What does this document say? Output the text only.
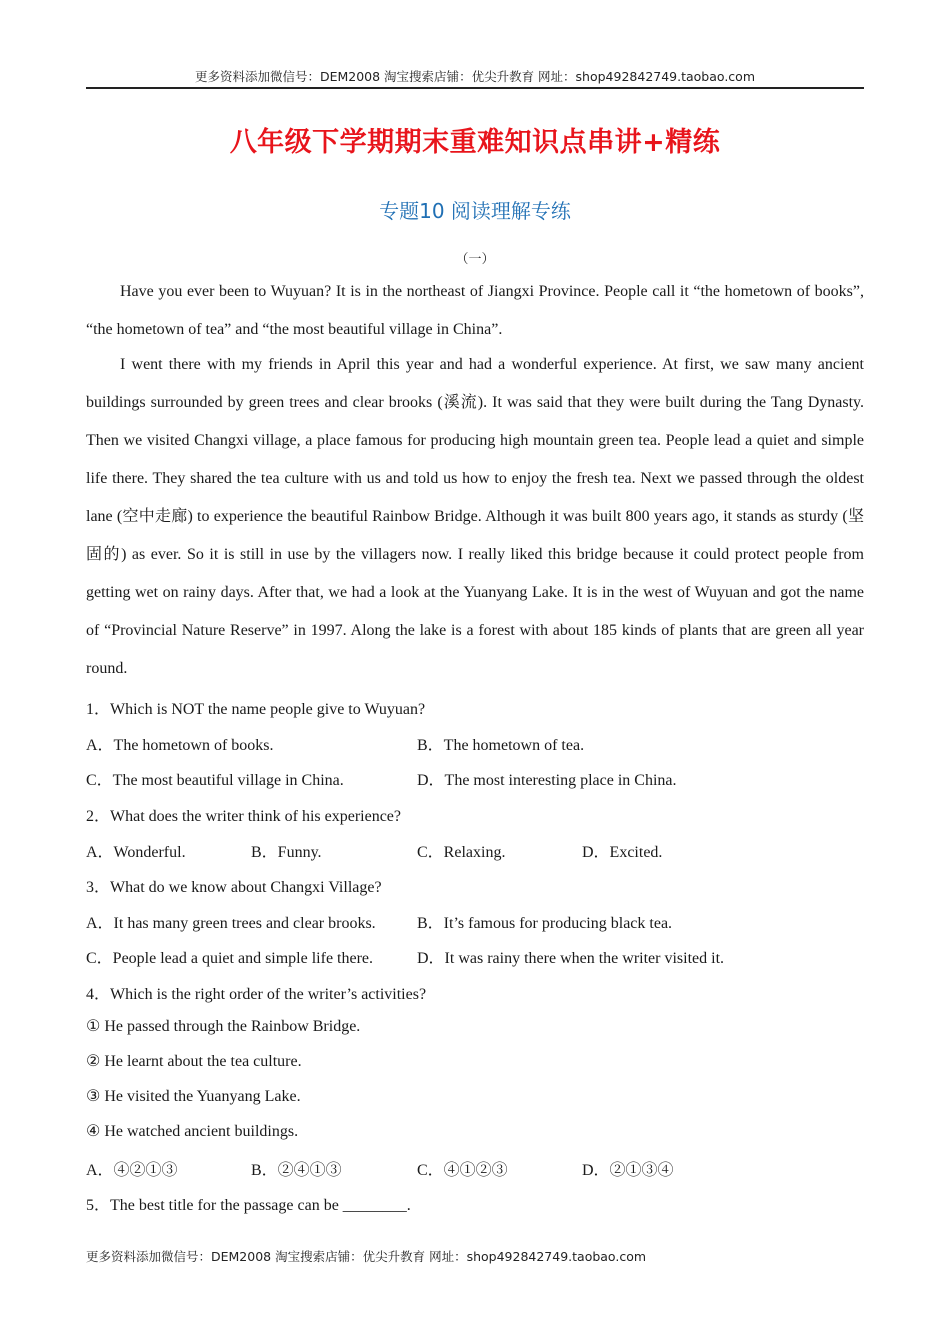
更多资料添加微信号：DEM2008 淘宝搜索店铺：优尖升教育 网址：shop492842749.taobao.com
八年级下学期期末重难知识点串讲+精练
专题10 阅读理解专练
（一）

Have you ever been to Wuyuan? It is in the northeast of Jiangxi Province. People call it “the hometown of books”, “the hometown of tea” and “the most beautiful village in China”.

I went there with my friends in April this year and had a wonderful experience. At first, we saw many ancient buildings surrounded by green trees and clear brooks (溪流). It was said that they were built during the Tang Dynasty. Then we visited Changxi village, a place famous for producing high mountain green tea. People lead a quiet and simple life there. They shared the tea culture with us and told us how to enjoy the fresh tea. Next we passed through the oldest lane (空中走廊) to experience the beautiful Rainbow Bridge. Although it was built 800 years ago, it stands as sturdy (坚固的) as ever. So it is still in use by the villagers now. I really liked this bridge because it could protect people from getting wet on rainy days. After that, we had a look at the Yuanyang Lake. It is in the west of Wuyuan and got the name of “Provincial Nature Reserve” in 1997. Along the lake is a forest with about 185 kinds of plants that are green all year round.

1．Which is NOT the name people give to Wuyuan?
A．The hometown of books.	B．The hometown of tea.
C．The most beautiful village in China.	D．The most interesting place in China.
2．What does the writer think of his experience?
A．Wonderful.	B．Funny.	C．Relaxing.	D．Excited.
3．What do we know about Changxi Village?
A．It has many green trees and clear brooks.	B．It’s famous for producing black tea.
C．People lead a quiet and simple life there.	D．It was rainy there when the writer visited it.
4．Which is the right order of the writer’s activities?
① He passed through the Rainbow Bridge.
② He learnt about the tea culture.
③ He visited the Yuanyang Lake.
④ He watched ancient buildings.
A．④②①③	B．②④①③	C．④①②③	D．②①③④
5．The best title for the passage can be ________.
更多资料添加微信号：DEM2008 淘宝搜索店铺：优尖升教育 网址：shop492842749.taobao.com
